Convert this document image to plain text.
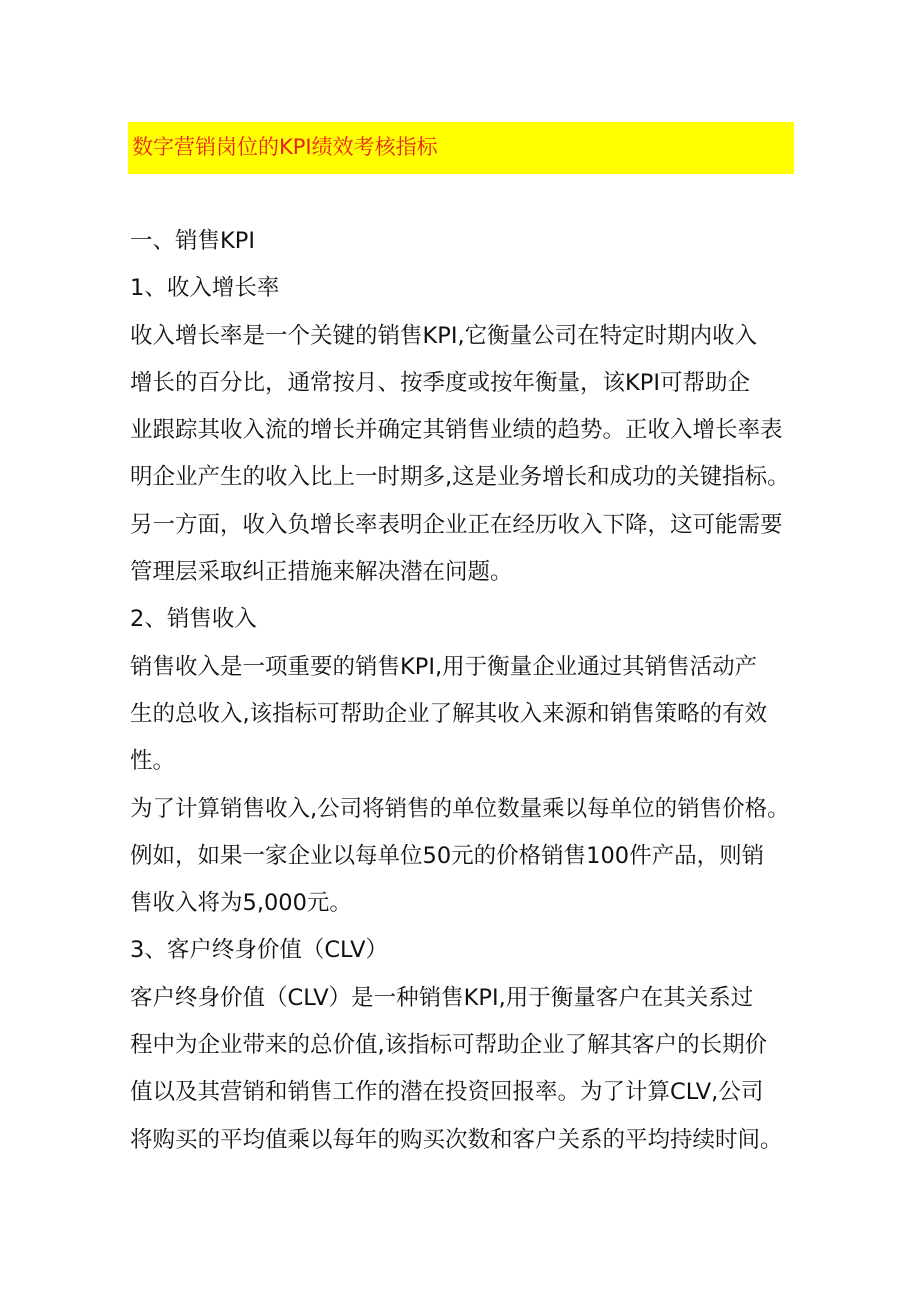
数字营销岗位的KPI绩效考核指标
一、销售KPI
1、收入增长率
收入增长率是一个关键的销售KPI,它衡量公司在特定时期内收入
增长的百分比，通常按月、按季度或按年衡量，该KPI可帮助企
业跟踪其收入流的增长并确定其销售业绩的趋势。正收入增长率表
明企业产生的收入比上一时期多,这是业务增长和成功的关键指标。
另一方面，收入负增长率表明企业正在经历收入下降，这可能需要
管理层采取纠正措施来解决潜在问题。
2、销售收入
销售收入是一项重要的销售KPI,用于衡量企业通过其销售活动产
生的总收入,该指标可帮助企业了解其收入来源和销售策略的有效
性。
为了计算销售收入,公司将销售的单位数量乘以每单位的销售价格。
例如，如果一家企业以每单位50元的价格销售100件产品，则销
售收入将为5,000元。
3、客户终身价值（CLV）
客户终身价值（CLV）是一种销售KPI,用于衡量客户在其关系过
程中为企业带来的总价值,该指标可帮助企业了解其客户的长期价
值以及其营销和销售工作的潜在投资回报率。为了计算CLV,公司
将购买的平均值乘以每年的购买次数和客户关系的平均持续时间。
